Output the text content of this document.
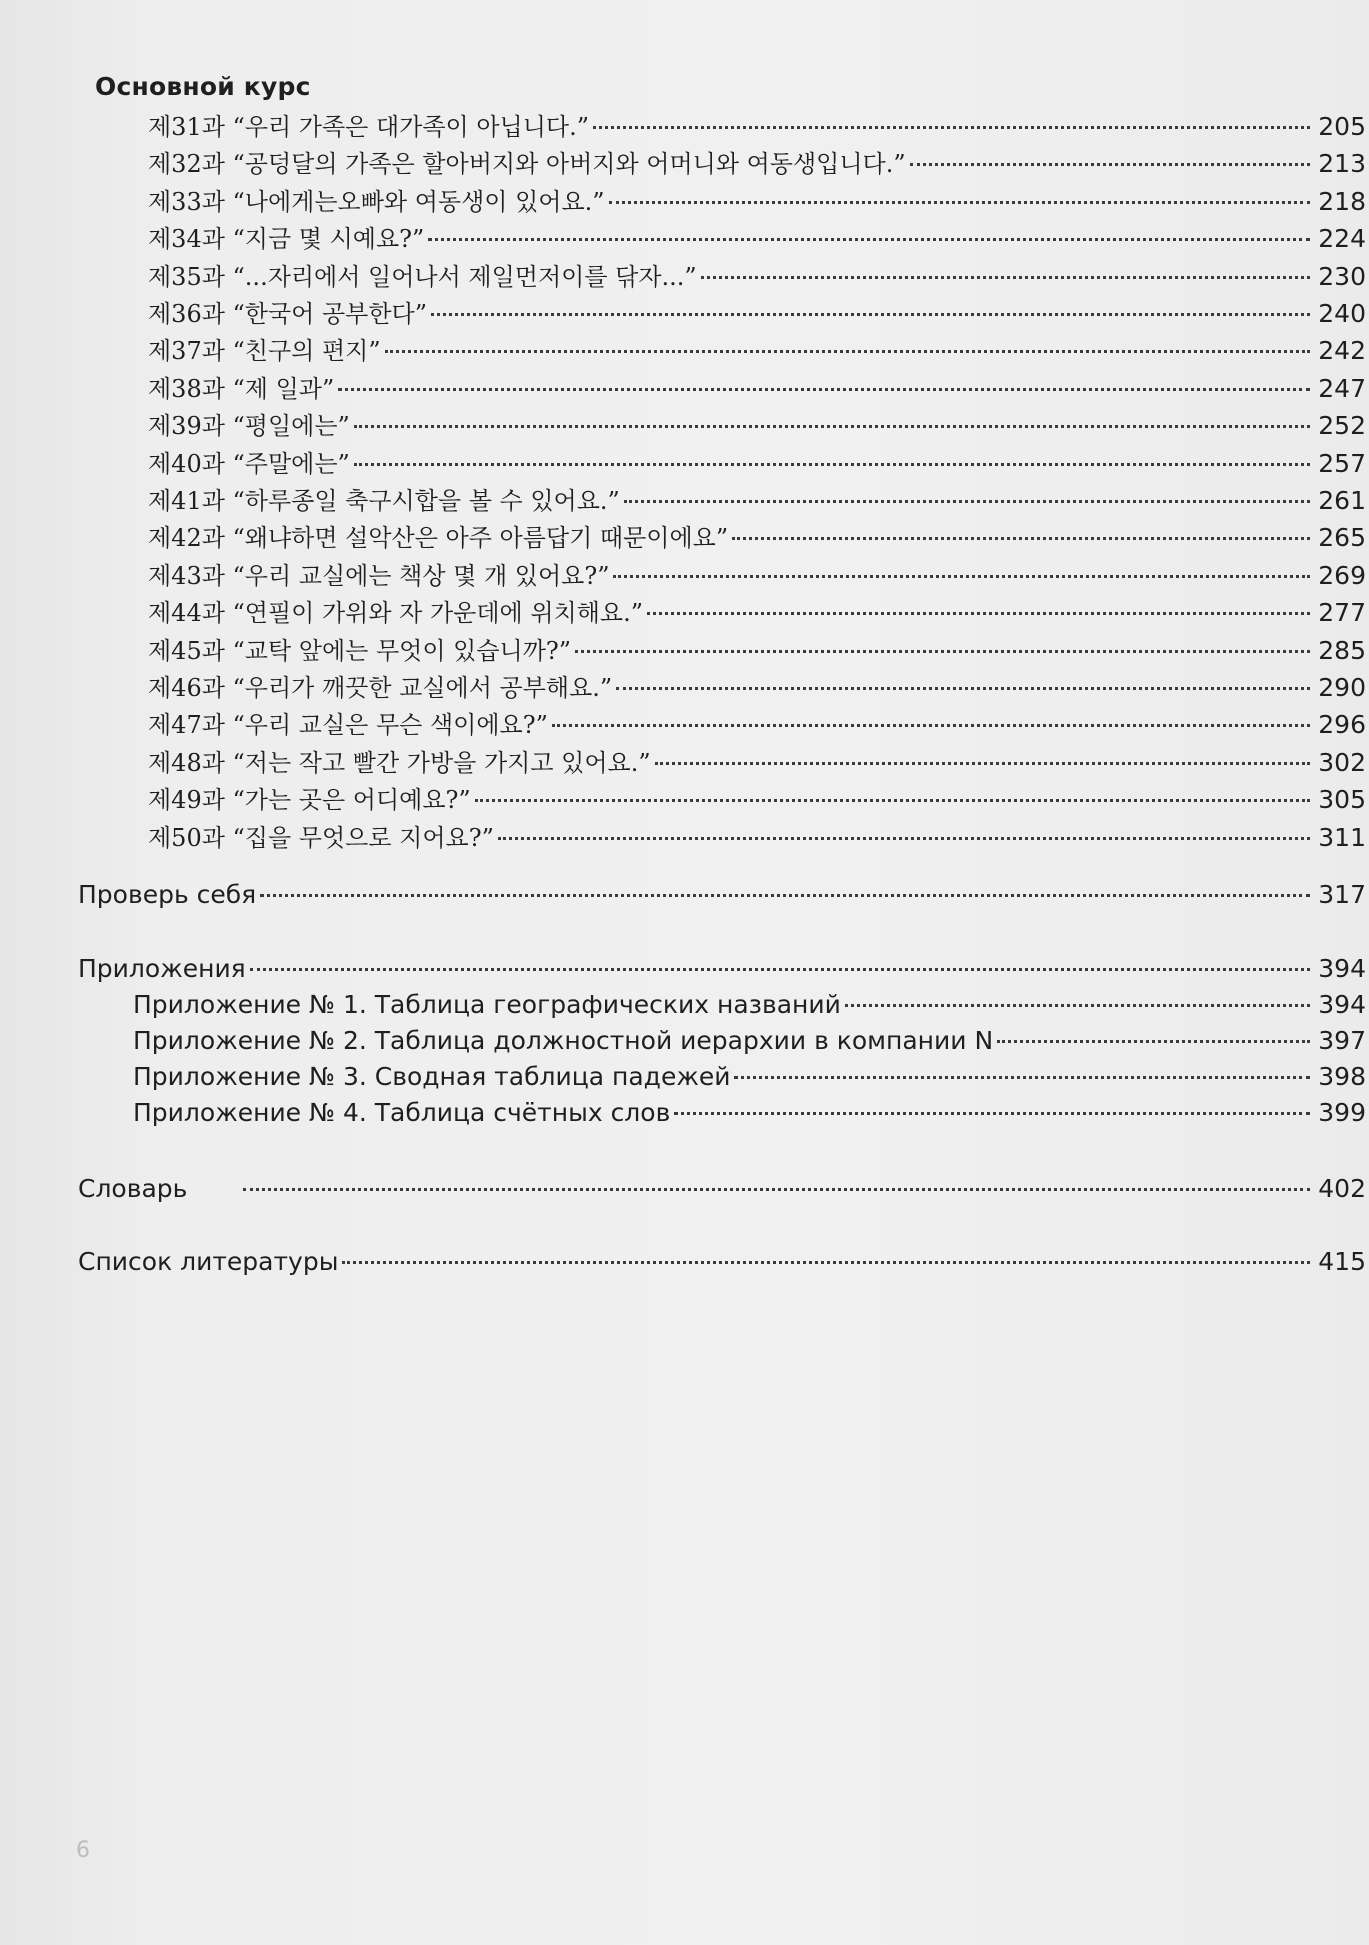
Основной курс
제31과 “우리 가족은 대가족이 아닙니다.”	205
제32과 “공덩달의 가족은 할아버지와 아버지와 어머니와 여동생입니다.”	213
제33과 “나에게는오빠와 여동생이 있어요.”	218
제34과 “지금 몇 시예요?”	224
제35과 “...자리에서 일어나서 제일먼저이를 닦자...”	230
제36과 “한국어 공부한다”	240
제37과 “친구의 편지”	242
제38과 “제 일과”	247
제39과 “평일에는”	252
제40과 “주말에는”	257
제41과 “하루종일 축구시합을 볼 수 있어요.”	261
제42과 “왜냐하면 설악산은 아주 아름답기 때문이에요”	265
제43과 “우리 교실에는 책상 몇 개 있어요?”	269
제44과 “연필이 가위와 자 가운데에 위치해요.”	277
제45과 “교탁 앞에는 무엇이 있습니까?”	285
제46과 “우리가 깨끗한 교실에서 공부해요.”	290
제47과 “우리 교실은 무슨 색이에요?”	296
제48과 “저는 작고 빨간 가방을 가지고 있어요.”	302
제49과 “가는 곳은 어디예요?”	305
제50과 “집을 무엇으로 지어요?”	311
Проверь себя	317
Приложения	394
Приложение № 1. Таблица географических названий	394
Приложение № 2. Таблица должностной иерархии в компании N	397
Приложение № 3. Сводная таблица падежей	398
Приложение № 4. Таблица счётных слов	399
Словарь	402
Список литературы	415
6
